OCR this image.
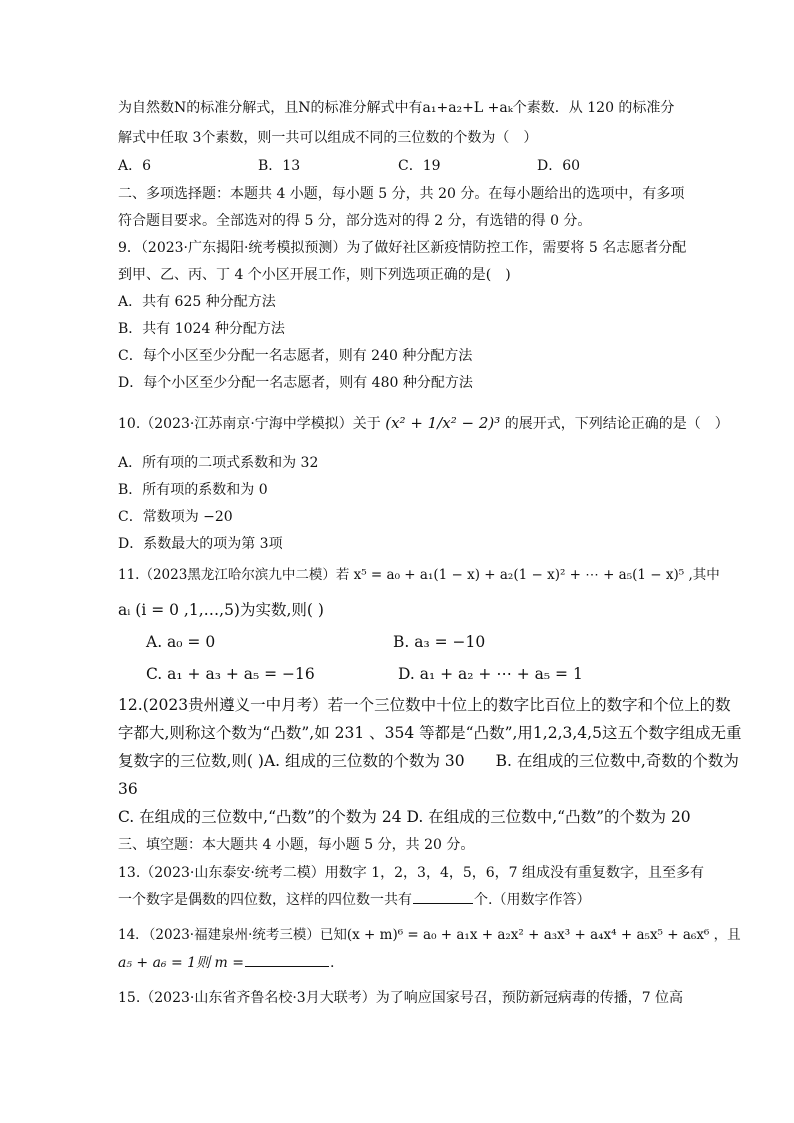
为自然数N的标准分解式，且N的标准分解式中有a₁+a₂+L +aₖ个素数．从 120 的标准分
解式中任取 3个素数，则一共可以组成不同的三位数的个数为（　）
A．6	B．13	C．19	D．60
二、多项选择题：本题共 4 小题，每小题 5 分，共 20 分。在每小题给出的选项中，有多项
符合题目要求。全部选对的得 5 分，部分选对的得 2 分，有选错的得 0 分。
9．（2023·广东揭阳·统考模拟预测）为了做好社区新疫情防控工作，需要将 5 名志愿者分配
到甲、乙、丙、丁 4 个小区开展工作，则下列选项正确的是(　)
A．共有 625 种分配方法
B．共有 1024 种分配方法
C．每个小区至少分配一名志愿者，则有 240 种分配方法
D．每个小区至少分配一名志愿者，则有 480 种分配方法
10.（2023·江苏南京·宁海中学模拟）关于 (x² + 1/x² − 2)³ 的展开式，下列结论正确的是（　）
A．所有项的二项式系数和为 32
B．所有项的系数和为 0
C．常数项为 −20
D．系数最大的项为第 3项
11.（2023黑龙江哈尔滨九中二模）若 x⁵ = a₀ + a₁(1 − x) + a₂(1 − x)² + ⋯ + a₅(1 − x)⁵ ,其中
aᵢ (i = 0 ,1,…,5)为实数,则( )
A. a₀ = 0	B. a₃ = −10
C. a₁ + a₃ + a₅ = −16	D. a₁ + a₂ + ⋯ + a₅ = 1
12.(2023贵州遵义一中月考）若一个三位数中十位上的数字比百位上的数字和个位上的数
字都大,则称这个数为“凸数”,如 231 、354 等都是“凸数”,用1,2,3,4,5这五个数字组成无重
复数字的三位数,则( )A. 组成的三位数的个数为 30　　B. 在组成的三位数中,奇数的个数为
36
C. 在组成的三位数中,“凸数”的个数为 24 D. 在组成的三位数中,“凸数”的个数为 20
三、填空题：本大题共 4 小题，每小题 5 分，共 20 分。
13.（2023·山东泰安·统考二模）用数字 1，2，3，4，5，6，7 组成没有重复数字，且至多有
一个数字是偶数的四位数，这样的四位数一共有	个.（用数字作答）
14．（2023·福建泉州·统考三模）已知(x + m)⁶ = a₀ + a₁x + a₂x² + a₃x³ + a₄x⁴ + a₅x⁵ + a₆x⁶ ，且
a₅ + a₆ = 1则 m =	.
15.（2023·山东省齐鲁名校·3月大联考）为了响应国家号召，预防新冠病毒的传播，7 位高
